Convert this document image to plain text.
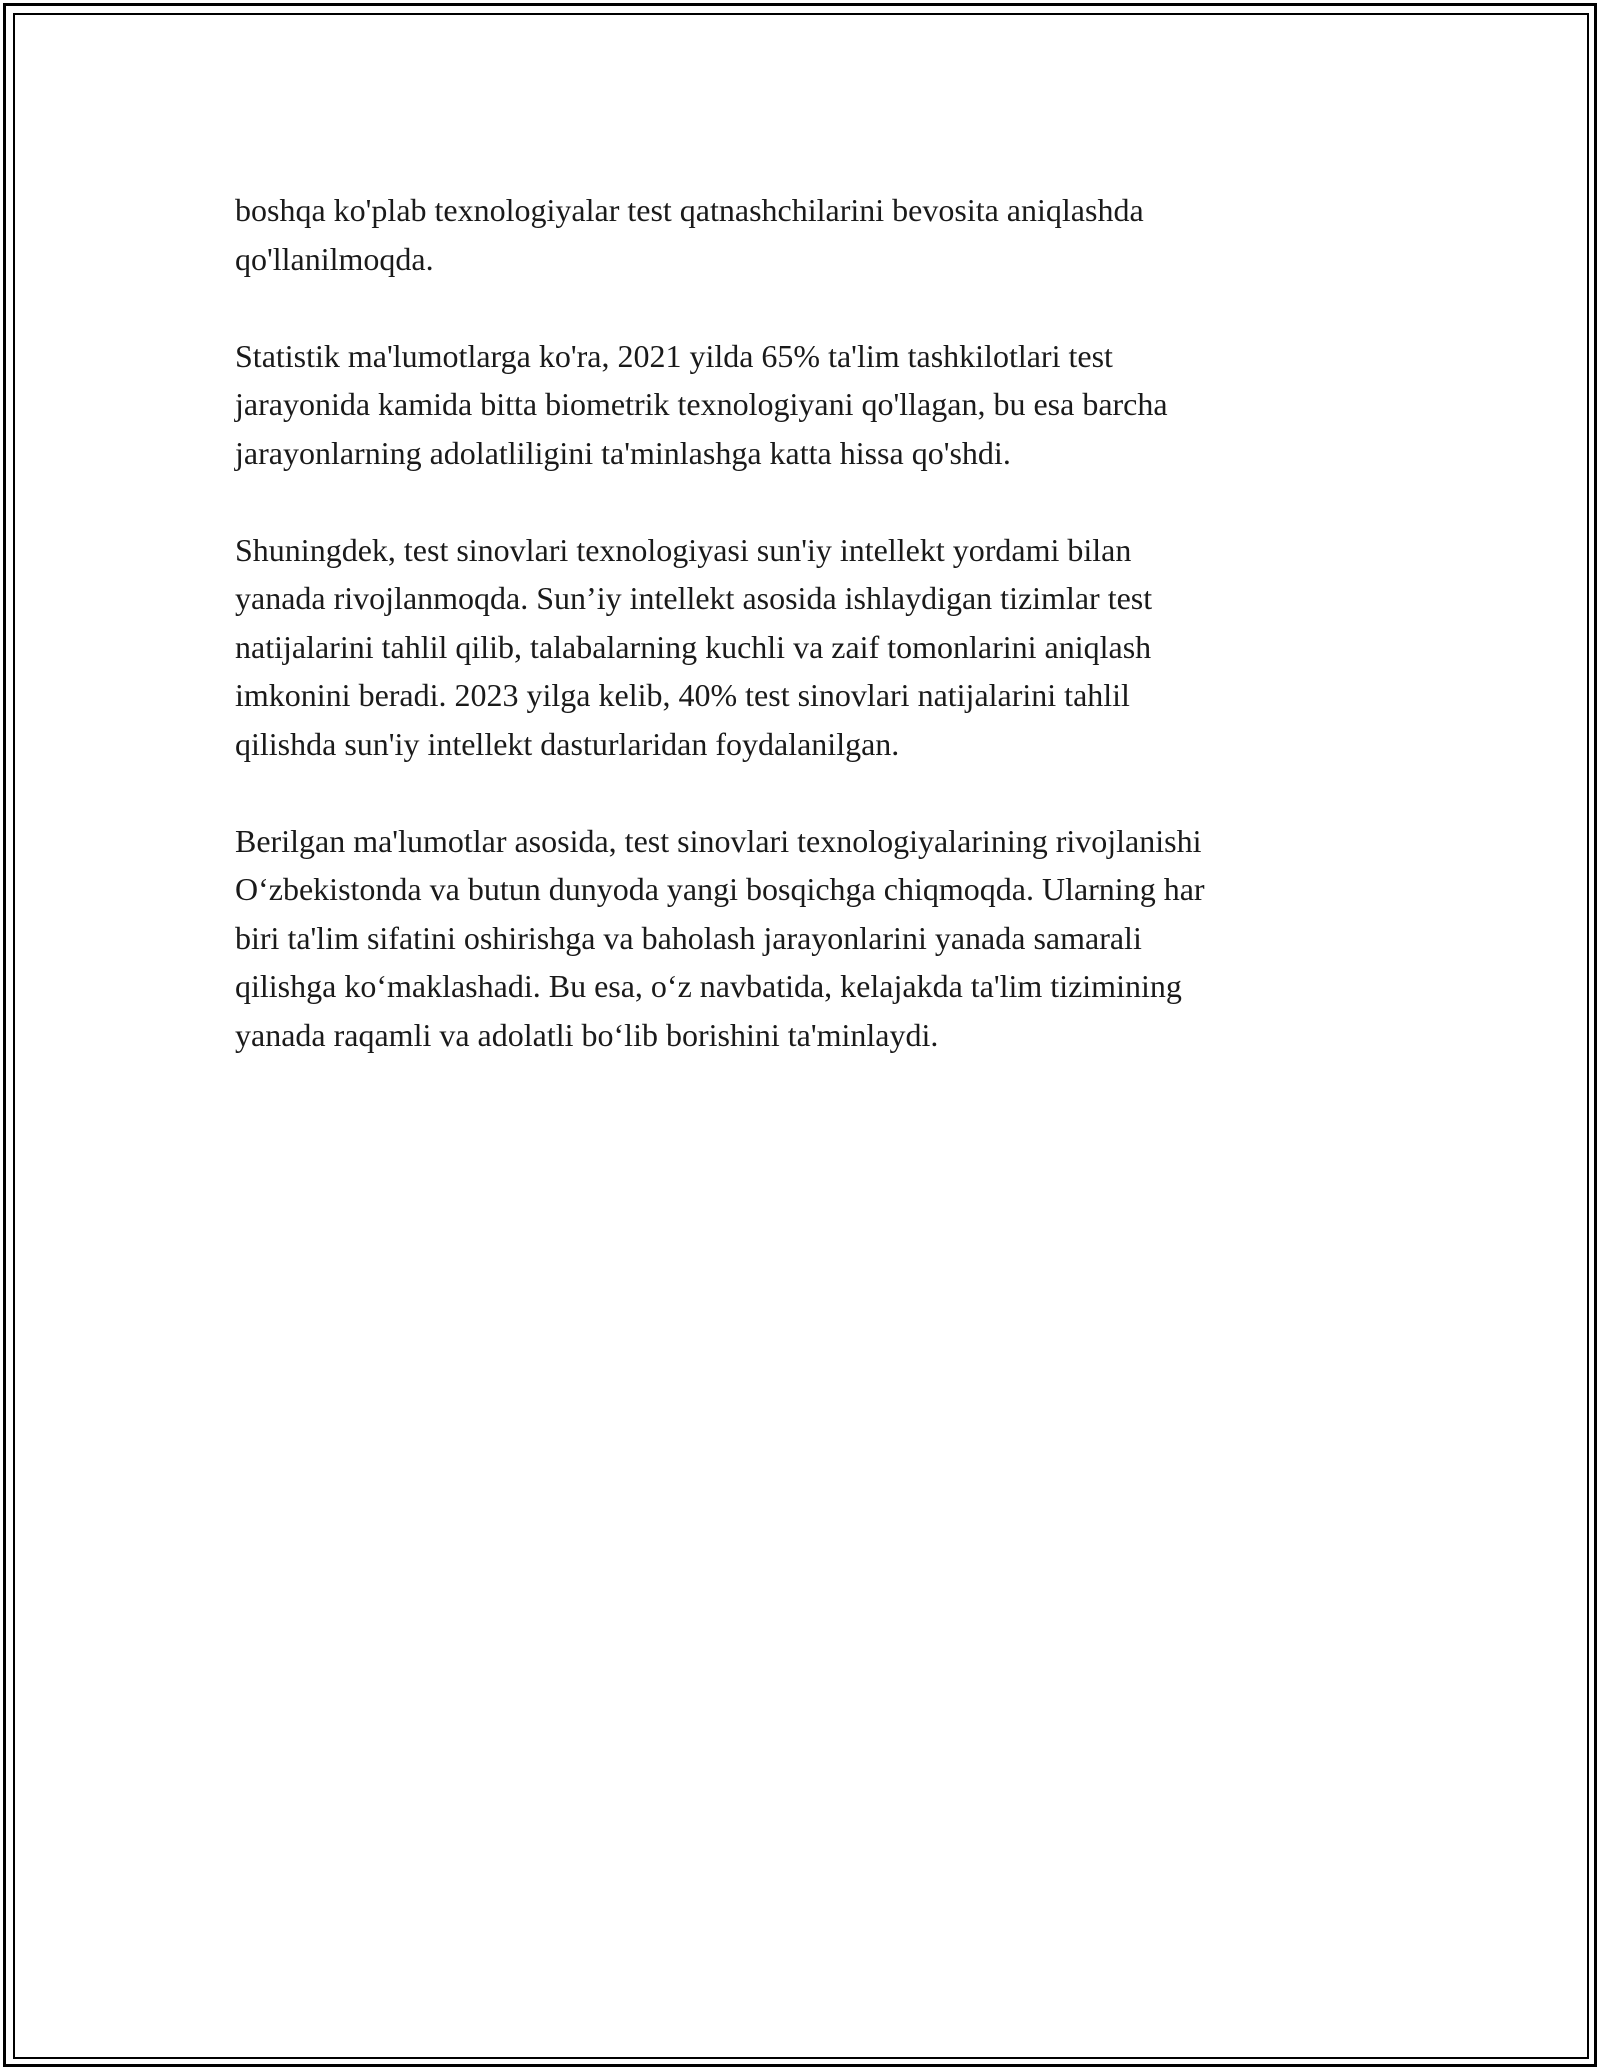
boshqa ko'plab texnologiyalar test qatnashchilarini bevosita aniqlashda
qo'llanilmoqda.

Statistik ma'lumotlarga ko'ra, 2021 yilda 65% ta'lim tashkilotlari test
jarayonida kamida bitta biometrik texnologiyani qo'llagan, bu esa barcha
jarayonlarning adolatliligini ta'minlashga katta hissa qo'shdi.

Shuningdek, test sinovlari texnologiyasi sun'iy intellekt yordami bilan
yanada rivojlanmoqda. Sun’iy intellekt asosida ishlaydigan tizimlar test
natijalarini tahlil qilib, talabalarning kuchli va zaif tomonlarini aniqlash
imkonini beradi. 2023 yilga kelib, 40% test sinovlari natijalarini tahlil
qilishda sun'iy intellekt dasturlaridan foydalanilgan.

Berilgan ma'lumotlar asosida, test sinovlari texnologiyalarining rivojlanishi
O‘zbekistonda va butun dunyoda yangi bosqichga chiqmoqda. Ularning har
biri ta'lim sifatini oshirishga va baholash jarayonlarini yanada samarali
qilishga ko‘maklashadi. Bu esa, o‘z navbatida, kelajakda ta'lim tizimining
yanada raqamli va adolatli bo‘lib borishini ta'minlaydi.
